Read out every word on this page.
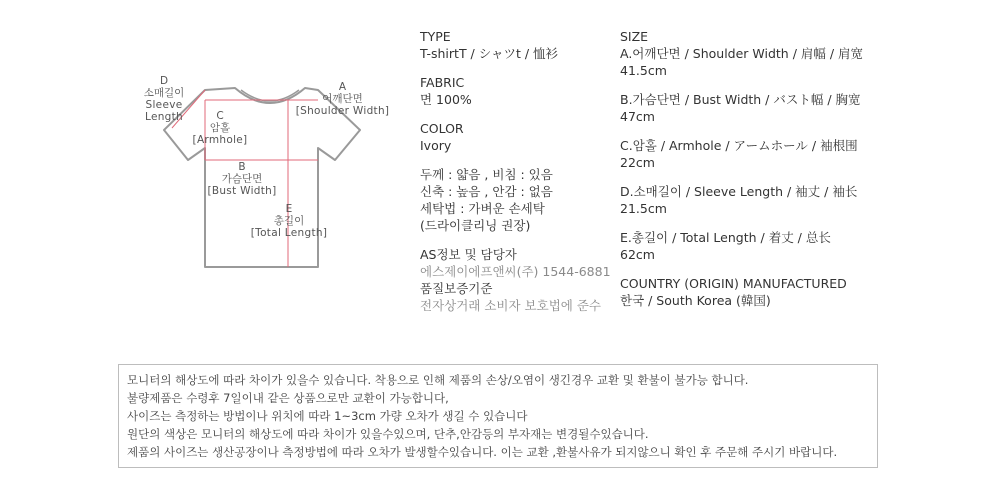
D
소매길이
Sleeve
Length
A
어깨단면
[Shoulder Width]
C
암홀
[Armhole]
B
가슴단면
[Bust Width]
E
총길이
[Total Length]
TYPE
T-shirtT / シャツt / 恤衫
FABRIC
면 100%
COLOR
Ivory
두께 : 얇음 , 비침 : 있음
신축 : 높음 , 안감 : 없음
세탁법 : 가벼운 손세탁
(드라이클리닝 권장)
AS정보 및 담당자
에스제이에프앤씨(주) 1544-6881
품질보증기준
전자상거래 소비자 보호법에 준수
SIZE
A.어깨단면 / Shoulder Width / 肩幅 / 肩宽
41.5cm
B.가슴단면 / Bust Width / バスト幅 / 胸宽
47cm
C.암홀 / Armhole / アームホール / 袖根围
22cm
D.소매길이 / Sleeve Length / 袖丈 / 袖长
21.5cm
E.총길이 / Total Length / 着丈 / 总长
62cm
COUNTRY (ORIGIN) MANUFACTURED
한국 / South Korea (韓国)
모니터의 해상도에 따라 차이가 있을수 있습니다. 착용으로 인해 제품의 손상/오염이 생긴경우 교환 및 환불이 불가능 합니다.
불량제품은 수령후 7일이내 같은 상품으로만 교환이 가능합니다,
사이즈는 측정하는 방법이나 위치에 따라 1~3cm 가량 오차가 생길 수 있습니다
원단의 색상은 모니터의 해상도에 따라 차이가 있을수있으며, 단추,안감등의 부자재는 변경될수있습니다.
제품의 사이즈는 생산공장이나 측정방법에 따라 오차가 발생할수있습니다. 이는 교환 ,환불사유가 되지않으니 확인 후 주문해 주시기 바랍니다.
